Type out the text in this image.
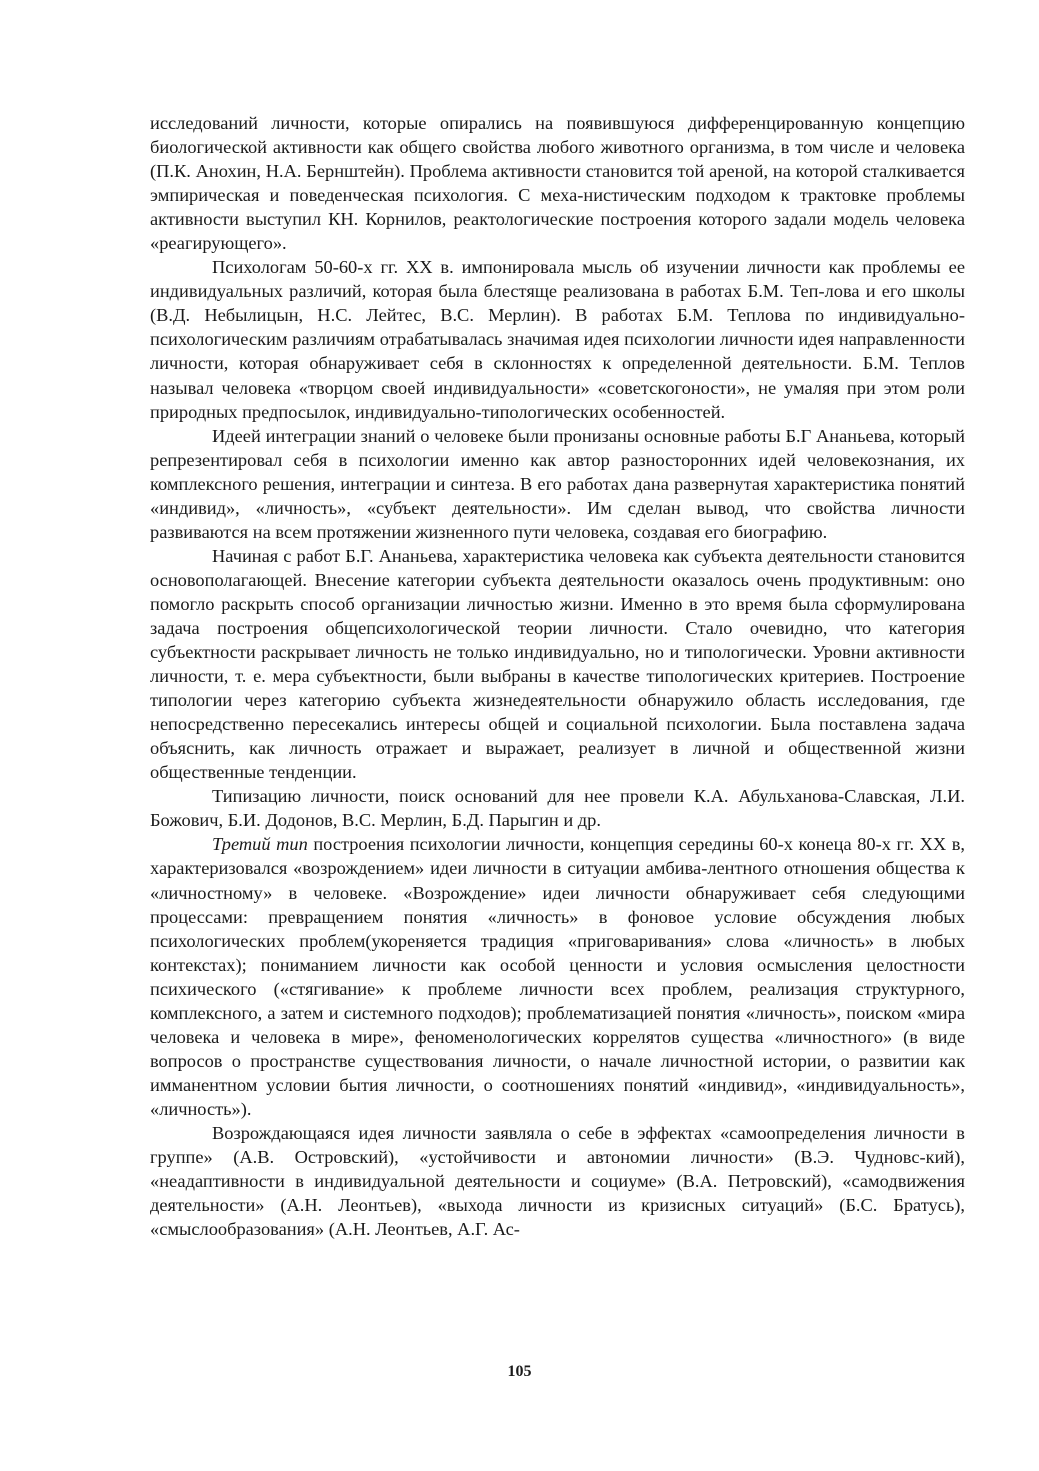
исследований личности, которые опирались на появившуюся дифференцированную концепцию биологической активности как общего свойства любого животного организма, в том числе и человека (П.К. Анохин, Н.А. Бернштейн). Проблема активности становится той ареной, на которой сталкивается эмпирическая и поведенческая психология. С меха-нистическим подходом к трактовке проблемы активности выступил КН. Корнилов, реактологические построения которого задали модель человека «реагирующего».

Психологам 50-60-х гг. XX в. импонировала мысль об изучении личности как проблемы ее индивидуальных различий, которая была блестяще реализована в работах Б.М. Теп-лова и его школы (В.Д. Небылицын, Н.С. Лейтес, В.С. Мерлин). В работах Б.М. Теплова по индивидуально-психологическим различиям отрабатывалась значимая идея психологии личности идея направленности личности, которая обнаруживает себя в склонностях к определенной деятельности. Б.М. Теплов называл человека «творцом своей индивидуальности» «советскогоности», не умаляя при этом роли природных предпосылок, индивидуально-типологических особенностей.

Идеей интеграции знаний о человеке были пронизаны основные работы Б.Г Ананьева, который репрезентировал себя в психологии именно как автор разносторонних идей человекознания, их комплексного решения, интеграции и синтеза. В его работах дана развернутая характеристика понятий «индивид», «личность», «субъект деятельности». Им сделан вывод, что свойства личности развиваются на всем протяжении жизненного пути человека, создавая его биографию.

Начиная с работ Б.Г. Ананьева, характеристика человека как субъекта деятельности становится основополагающей. Внесение категории субъекта деятельности оказалось очень продуктивным: оно помогло раскрыть способ организации личностью жизни. Именно в это время была сформулирована задача построения общепсихологической теории личности. Стало очевидно, что категория субъектности раскрывает личность не только индивидуально, но и типологически. Уровни активности личности, т. е. мера субъектности, были выбраны в качестве типологических критериев. Построение типологии через категорию субъекта жизнедеятельности обнаружило область исследования, где непосредственно пересекались интересы общей и социальной психологии. Была поставлена задача объяснить, как личность отражает и выражает, реализует в личной и общественной жизни общественные тенденции.

Типизацию личности, поиск оснований для нее провели К.А. Абульханова-Славская, Л.И. Божович, Б.И. Додонов, В.С. Мерлин, Б.Д. Парыгин и др.

Третий тип построения психологии личности, концепция середины 60-х конеца 80-х гг. XX в, характеризовался «возрождением» идеи личности в ситуации амбива-лентного отношения общества к «личностному» в человеке. «Возрождение» идеи личности обнаруживает себя следующими процессами: превращением понятия «личность» в фоновое условие обсуждения любых психологических проблем(укореняется традиция «приговаривания» слова «личность» в любых контекстах); пониманием личности как особой ценности и условия осмысления целостности психического («стягивание» к проблеме личности всех проблем, реализация структурного, комплексного, а затем и системного подходов); проблематизацией понятия «личность», поиском «мира человека и человека в мире», феноменологических коррелятов существа «личностного» (в виде вопросов о пространстве существования личности, о начале личностной истории, о развитии как имманентном условии бытия личности, о соотношениях понятий «индивид», «индивидуальность», «личность»).

Возрождающаяся идея личности заявляла о себе в эффектах «самоопределения личности в группе» (А.В. Островский), «устойчивости и автономии личности» (В.Э. Чудновс-кий), «неадаптивности в индивидуальной деятельности и социуме» (В.А. Петровский), «самодвижения деятельности» (А.Н. Леонтьев), «выхода личности из кризисных ситуаций» (Б.С. Братусь), «смыслообразования» (А.Н. Леонтьев, А.Г. Ас-

105
